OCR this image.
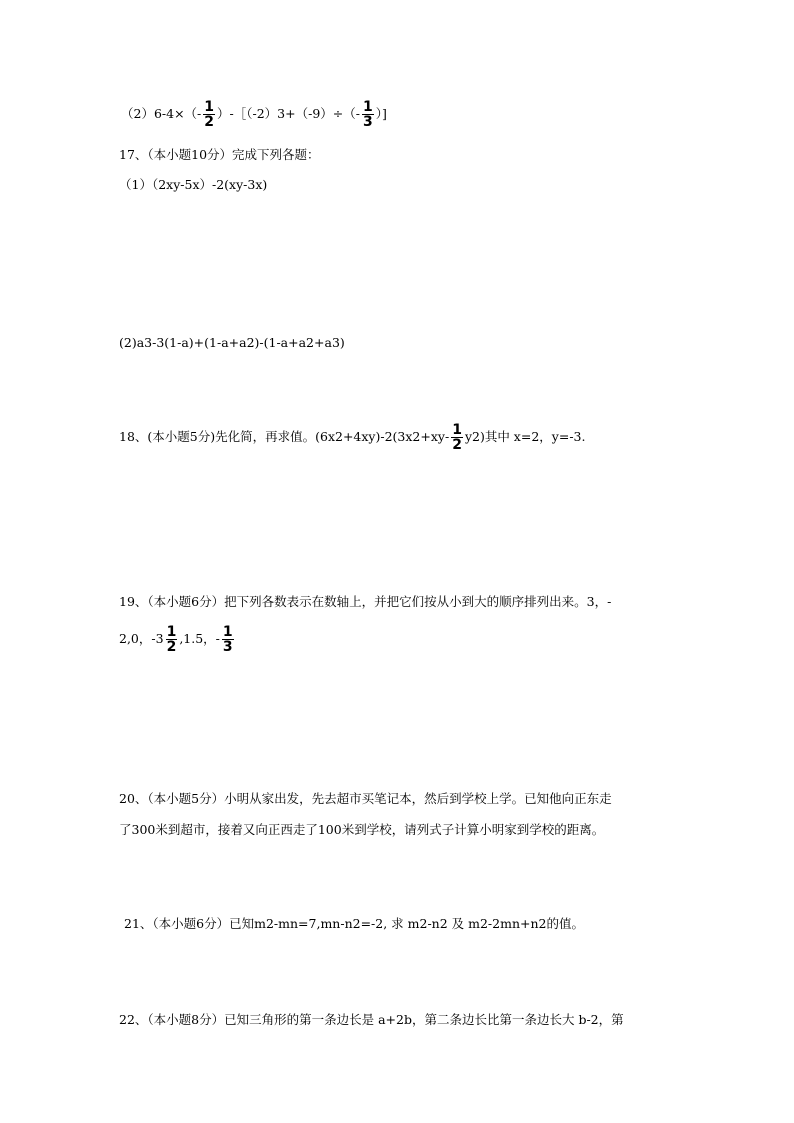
$(2)6-4\times(- \frac{1}{2}$ ）-［（-2）3+（-9）÷（- $\frac{1}{3}$ ）]
17、（本小题10分）完成下列各题：
（1）（2xy-5x）-2(xy-3x)
(2)a3-3(1-a)+(1-a+a2)-(1-a+a2+a3)
18、(本小题5分)先化简，再求值。$(6x2+4xy)-2(3x2+xy- \frac{1}{2} y2)$其中 x=2，y=-3.
19、（本小题6分）把下列各数表示在数轴上，并把它们按从小到大的顺序排列出来。3，-
2,0，$-3 \frac{1}{2} ,1.5$，- $\frac{1}{3}$
20、（本小题5分）小明从家出发，先去超市买笔记本，然后到学校上学。已知他向正东走
了300米到超市，接着又向正西走了100米到学校，请列式子计算小明家到学校的距离。
21、（本小题6分）已知m2-mn=7,mn-n2=-2, 求 m2-n2 及 m2-2mn+n2的值。
22、（本小题8分）已知三角形的第一条边长是 a+2b，第二条边长比第一条边长大 b-2，第
